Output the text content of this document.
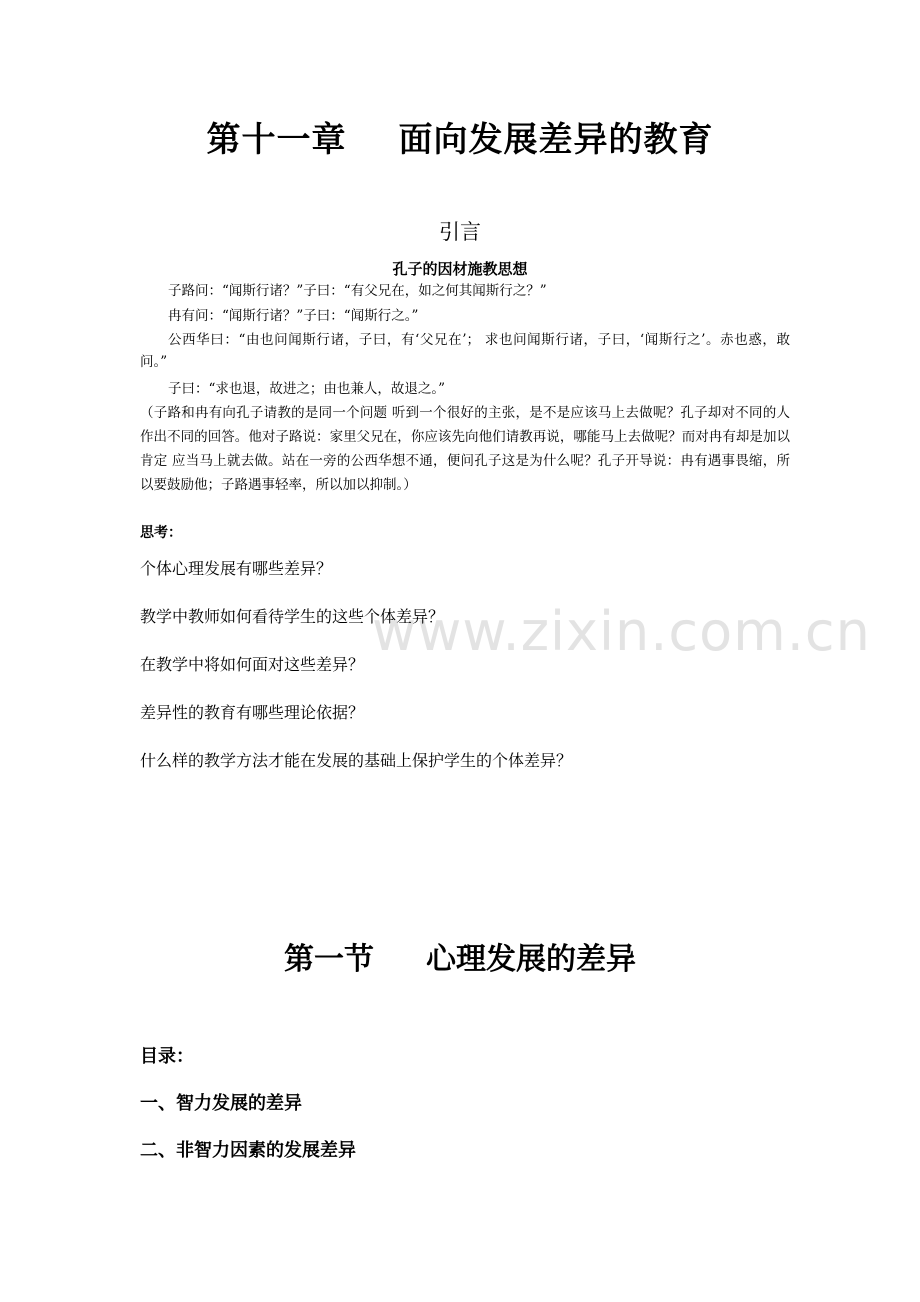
第十一章 面向发展差异的教育
引言
孔子的因材施教思想
子路问：“闻斯行诸？”子曰：“有父兄在，如之何其闻斯行之？”
冉有问：“闻斯行诸？”子曰：“闻斯行之。”
公西华曰：“由也问闻斯行诸，子曰，有‘父兄在’； 求也问闻斯行诸，子曰，‘闻斯行之’。赤也惑，敢问。”
子曰：“求也退，故进之；由也兼人，故退之。”
（子路和冉有向孔子请教的是同一个问题 听到一个很好的主张，是不是应该马上去做呢？孔子却对不同的人作出不同的回答。他对子路说：家里父兄在，你应该先向他们请教再说，哪能马上去做呢？而对冉有却是加以肯定 应当马上就去做。站在一旁的公西华想不通，便问孔子这是为什么呢？孔子开导说：冉有遇事畏缩，所以要鼓励他；子路遇事轻率，所以加以抑制。）
思考：
www.zixin.com.cn
个体心理发展有哪些差异？
教学中教师如何看待学生的这些个体差异？
在教学中将如何面对这些差异？
差异性的教育有哪些理论依据？
什么样的教学方法才能在发展的基础上保护学生的个体差异？
第一节 心理发展的差异
目录：
一、智力发展的差异
二、非智力因素的发展差异
